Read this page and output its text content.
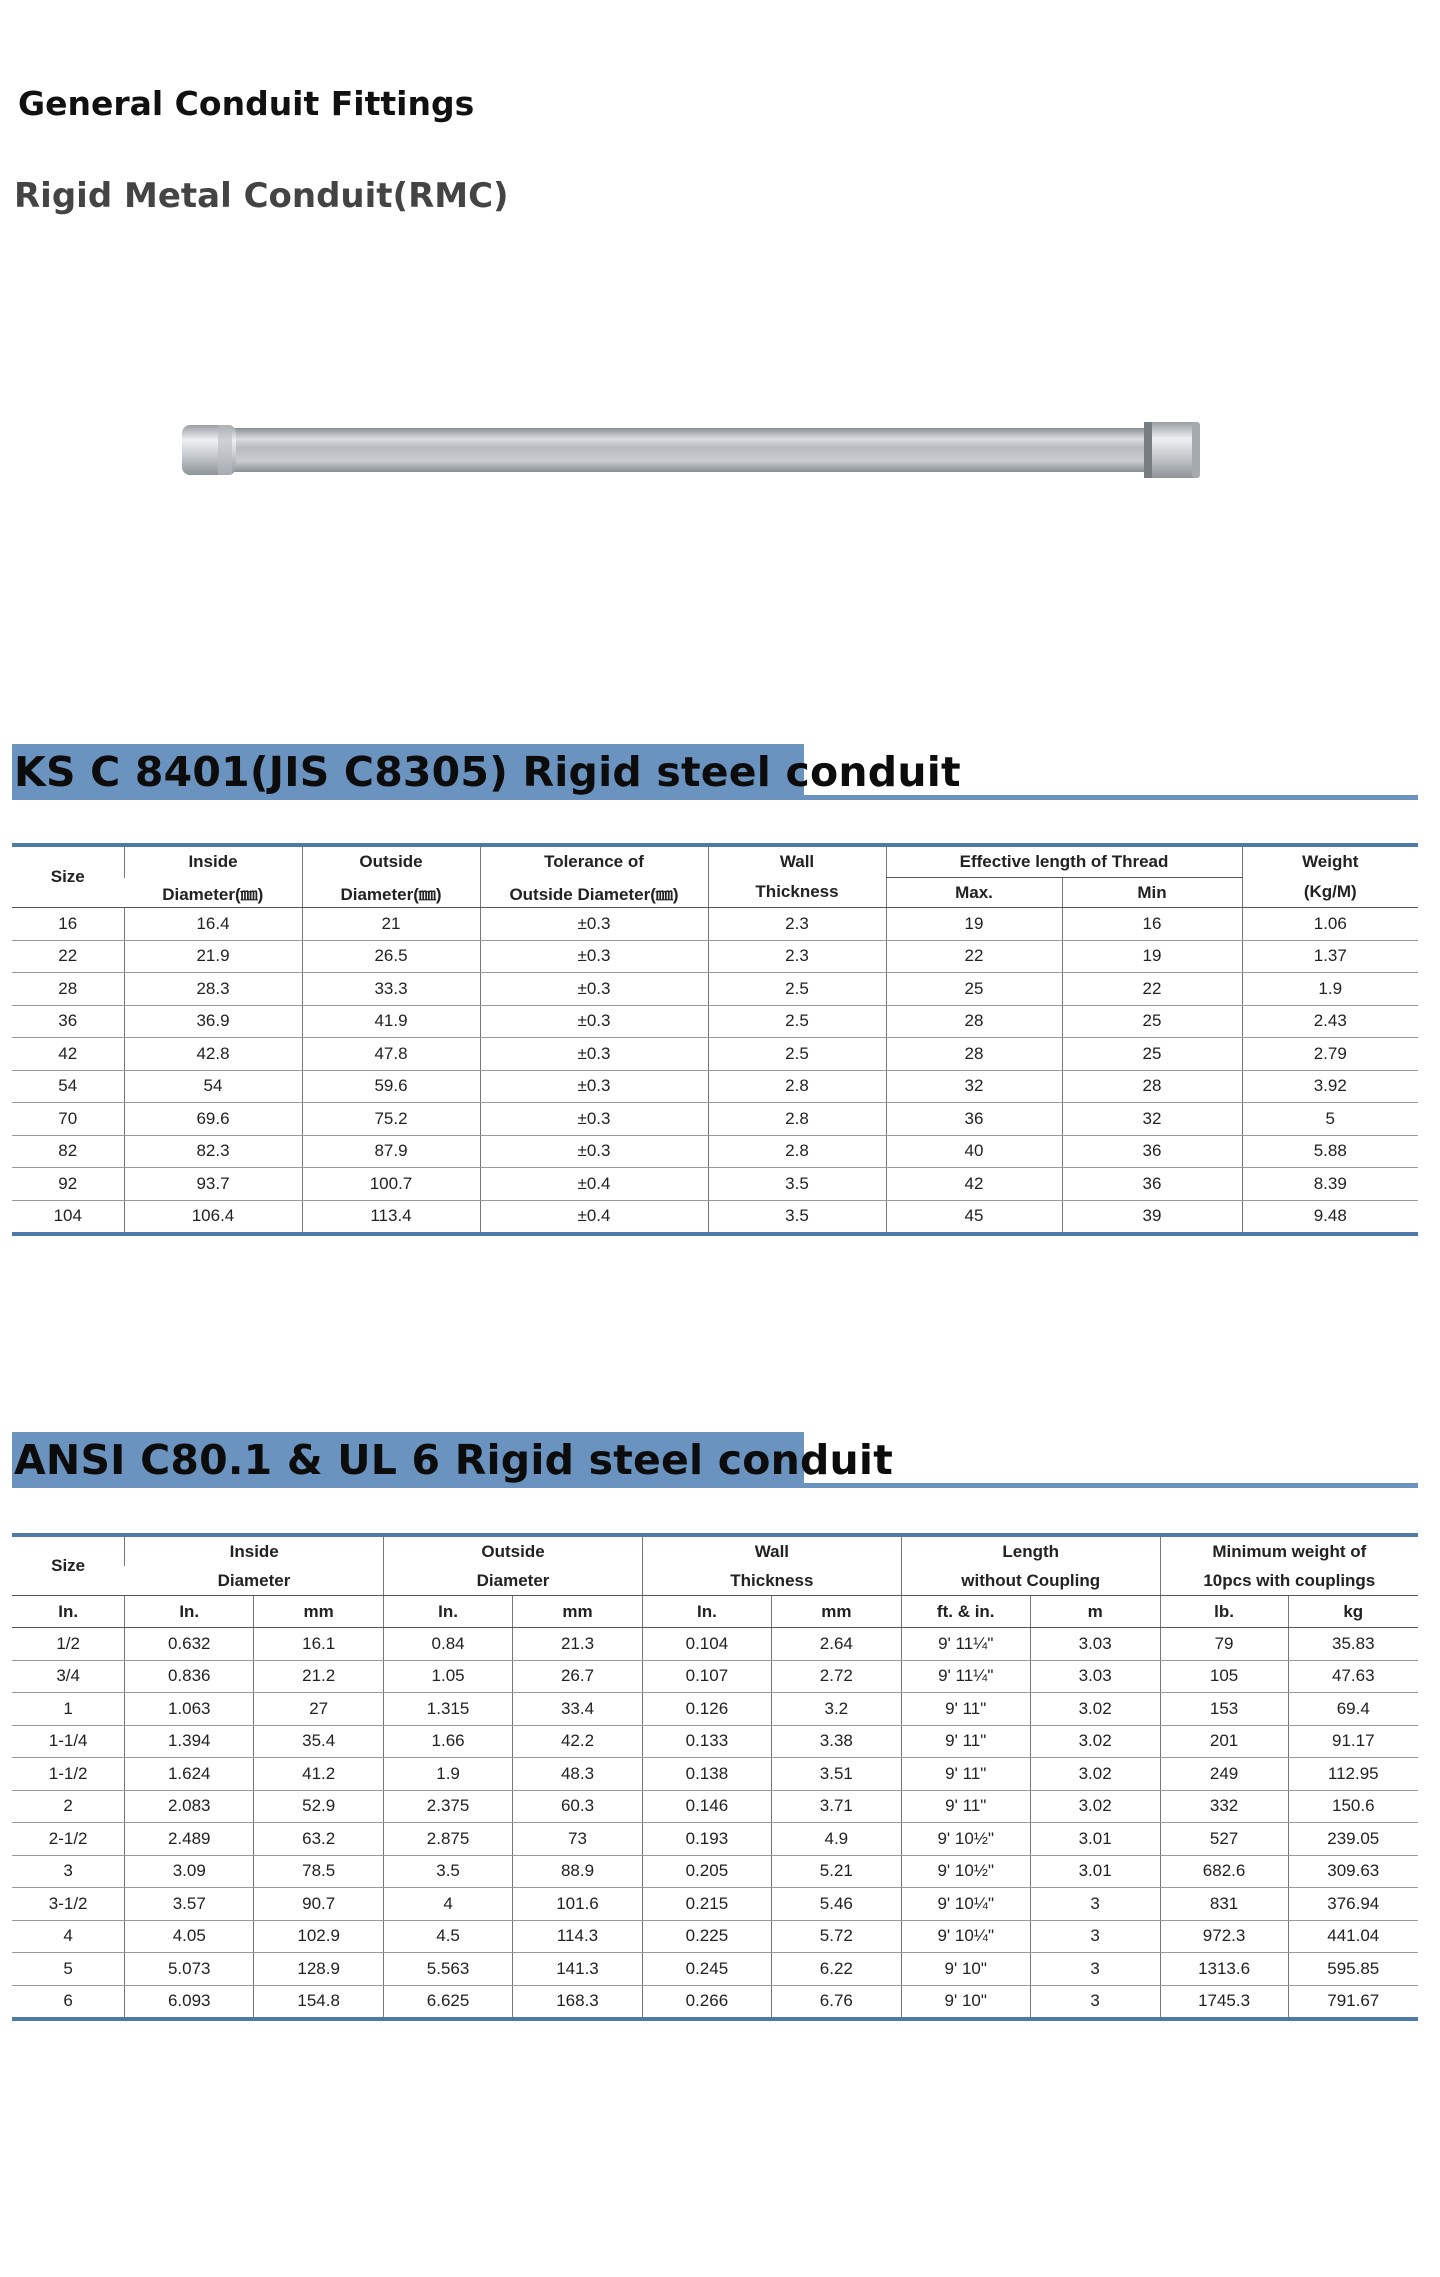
General Conduit Fittings
Rigid Metal Conduit(RMC)
KS C 8401(JIS C8305) Rigid steel conduit
Size	Inside	Outside	Tolerance of	Wall	Effective length of Thread		Weight
	Diameter(㎜)	Diameter(㎜)	Outside Diameter(㎜)	Thickness	Max.	Min	(Kg/M)
16	16.4	21	±0.3	2.3	19	16	1.06
22	21.9	26.5	±0.3	2.3	22	19	1.37
28	28.3	33.3	±0.3	2.5	25	22	1.9
36	36.9	41.9	±0.3	2.5	28	25	2.43
42	42.8	47.8	±0.3	2.5	28	25	2.79
54	54	59.6	±0.3	2.8	32	28	3.92
70	69.6	75.2	±0.3	2.8	36	32	5
82	82.3	87.9	±0.3	2.8	40	36	5.88
92	93.7	100.7	±0.4	3.5	42	36	8.39
104	106.4	113.4	±0.4	3.5	45	39	9.48
ANSI C80.1 & UL 6 Rigid steel conduit
Size	Inside		Outside		Wall		Length		Minimum weight of	
	Diameter		Diameter		Thickness		without Coupling		10pcs with couplings	
In.	In.	mm	In.	mm	In.	mm	ft. & in.	m	lb.	kg
1/2	0.632	16.1	0.84	21.3	0.104	2.64	9' 11¼"	3.03	79	35.83
3/4	0.836	21.2	1.05	26.7	0.107	2.72	9' 11¼"	3.03	105	47.63
1	1.063	27	1.315	33.4	0.126	3.2	9' 11"	3.02	153	69.4
1-1/4	1.394	35.4	1.66	42.2	0.133	3.38	9' 11"	3.02	201	91.17
1-1/2	1.624	41.2	1.9	48.3	0.138	3.51	9' 11"	3.02	249	112.95
2	2.083	52.9	2.375	60.3	0.146	3.71	9' 11"	3.02	332	150.6
2-1/2	2.489	63.2	2.875	73	0.193	4.9	9' 10½"	3.01	527	239.05
3	3.09	78.5	3.5	88.9	0.205	5.21	9' 10½"	3.01	682.6	309.63
3-1/2	3.57	90.7	4	101.6	0.215	5.46	9' 10¼"	3	831	376.94
4	4.05	102.9	4.5	114.3	0.225	5.72	9' 10¼"	3	972.3	441.04
5	5.073	128.9	5.563	141.3	0.245	6.22	9' 10"	3	1313.6	595.85
6	6.093	154.8	6.625	168.3	0.266	6.76	9' 10"	3	1745.3	791.67
